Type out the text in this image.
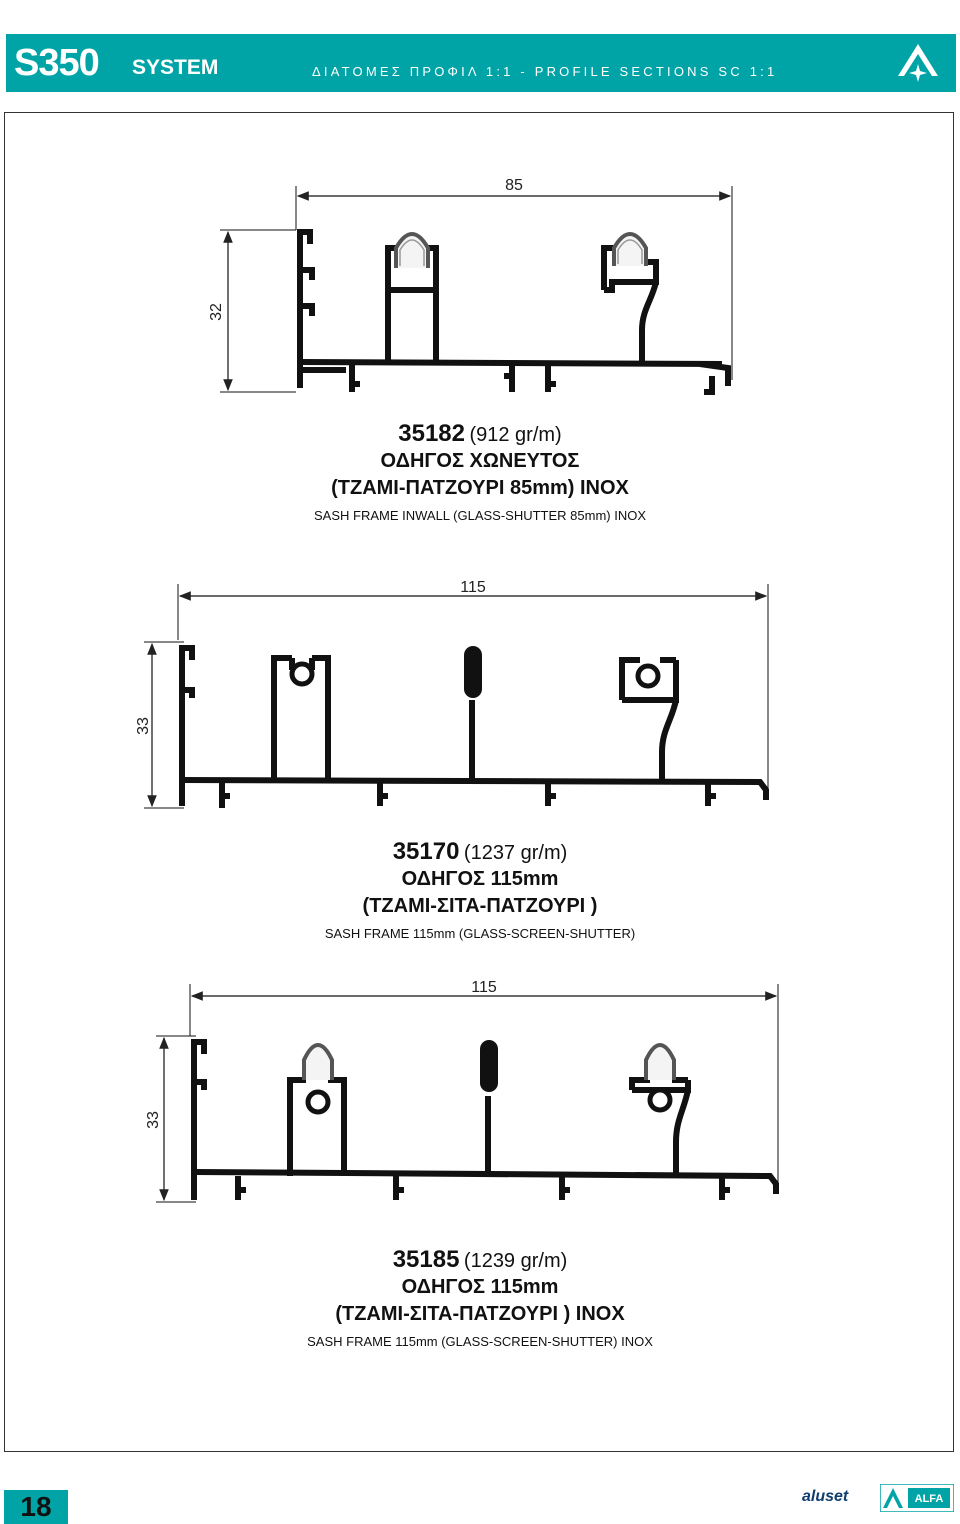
S350 SYSTEM	ΔΙΑΤΟΜΕΣ ΠΡΟΦΙΛ 1:1 - PROFILE SECTIONS SC 1:1
85
32
115
33
115
33
35182 (912 gr/m)
ΟΔΗΓΟΣ ΧΩΝΕΥΤΟΣ
(ΤΖΑΜΙ-ΠΑΤΖΟΥΡΙ 85mm) INOX
SASH FRAME INWALL (GLASS-SHUTTER 85mm) INOX
35170 (1237 gr/m)
ΟΔΗΓΟΣ 115mm
(ΤΖΑΜΙ-ΣΙΤΑ-ΠΑΤΖΟΥΡΙ )
SASH FRAME 115mm (GLASS-SCREEN-SHUTTER)
35185 (1239 gr/m)
ΟΔΗΓΟΣ 115mm
(ΤΖΑΜΙ-ΣΙΤΑ-ΠΑΤΖΟΥΡΙ ) INOX
SASH FRAME 115mm (GLASS-SCREEN-SHUTTER) INOX
18	aluset	ALFA
